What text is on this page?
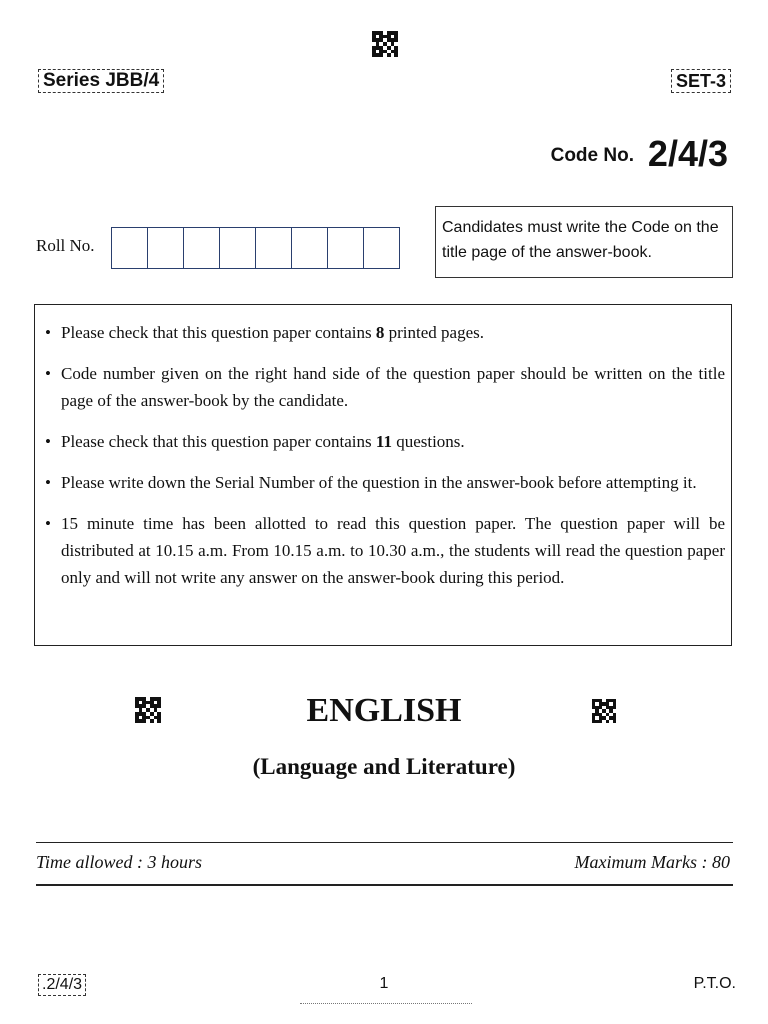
Series JBB/4	SET-3
Code No. 2/4/3
Roll No.
Candidates must write the Code on the title page of the answer-book.
• Please check that this question paper contains 8 printed pages.
• Code number given on the right hand side of the question paper should be written on the title page of the answer-book by the candidate.
• Please check that this question paper contains 11 questions.
• Please write down the Serial Number of the question in the answer-book before attempting it.
• 15 minute time has been allotted to read this question paper. The question paper will be distributed at 10.15 a.m. From 10.15 a.m. to 10.30 a.m., the students will read the question paper only and will not write any answer on the answer-book during this period.
ENGLISH
(Language and Literature)
Time allowed : 3 hours	Maximum Marks : 80
.2/4/3	1	P.T.O.
